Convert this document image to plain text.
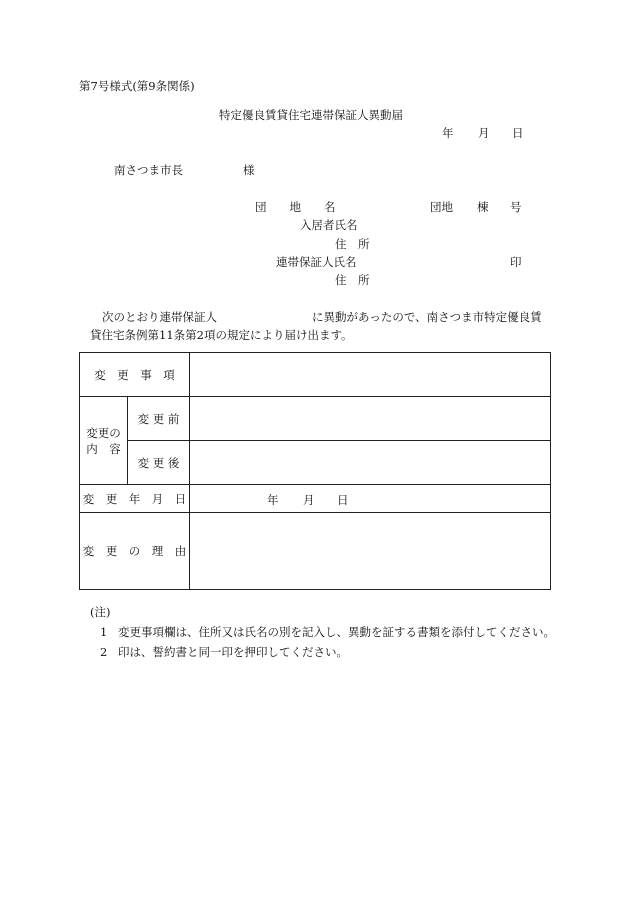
第7号様式(第9条関係)
特定優良賃貸住宅連帯保証人異動届
年 月 日
南さつま市長	様
団　　地　　名	団地 棟 号
入居者氏名
住　所
連帯保証人氏名	印
住　所
次のとおり連帯保証人	に異動があったので、南さつま市特定優良賃
貸住宅条例第11条第2項の規定により届け出ます。
変　更　事　項		

変更の
内　容	変 更 前	
	変 更 後	
変　更　年　月　日		年 月 日

変　更　の　理　由		
(注)
1 変更事項欄は、住所又は氏名の別を記入し、異動を証する書類を添付してください。
2 印は、誓約書と同一印を押印してください。
